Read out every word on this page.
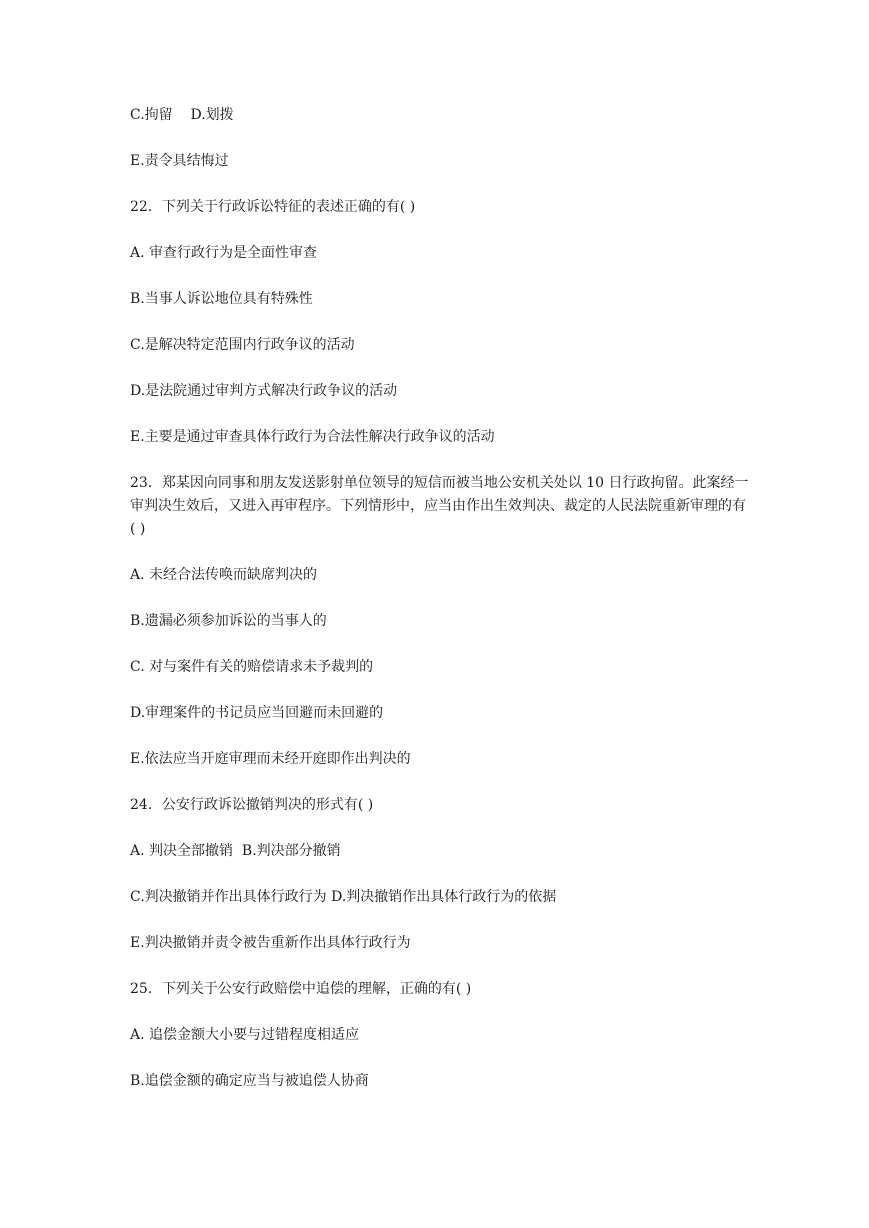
C.拘留    D.划拨

E.责令具结悔过

22．下列关于行政诉讼特征的表述正确的有( )

A. 审查行政行为是全面性审查

B.当事人诉讼地位具有特殊性

C.是解决特定范围内行政争议的活动

D.是法院通过审判方式解决行政争议的活动

E.主要是通过审查具体行政行为合法性解决行政争议的活动

23．郑某因向同事和朋友发送影射单位领导的短信而被当地公安机关处以 10 日行政拘留。此案经一审判决生效后，又进入再审程序。下列情形中，应当由作出生效判决、裁定的人民法院重新审理的有( )

A. 未经合法传唤而缺席判决的

B.遗漏必须参加诉讼的当事人的

C. 对与案件有关的赔偿请求未予裁判的

D.审理案件的书记员应当回避而未回避的

E.依法应当开庭审理而未经开庭即作出判决的

24．公安行政诉讼撤销判决的形式有( )

A. 判决全部撤销  B.判决部分撤销

C.判决撤销并作出具体行政行为 D.判决撤销作出具体行政行为的依据

E.判决撤销并责令被告重新作出具体行政行为

25．下列关于公安行政赔偿中追偿的理解，正确的有( )

A. 追偿金额大小要与过错程度相适应

B.追偿金额的确定应当与被追偿人协商
